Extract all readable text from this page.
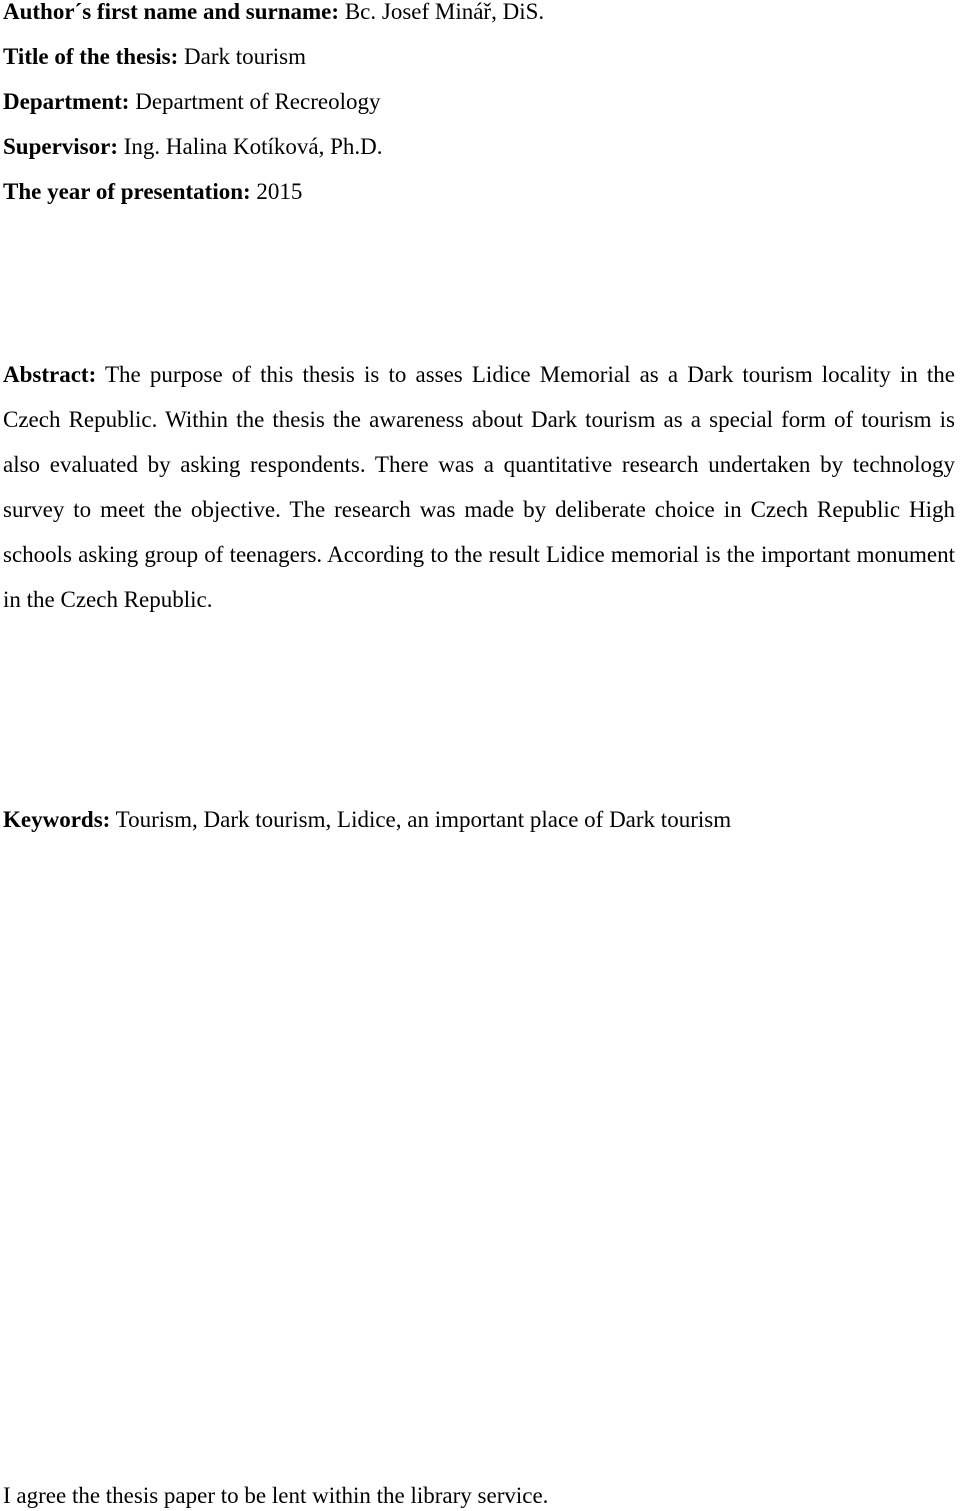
Author´s first name and surname: Bc. Josef Minář, DiS.
Title of the thesis: Dark tourism
Department: Department of Recreology
Supervisor: Ing. Halina Kotíková, Ph.D.
The year of presentation: 2015

Abstract: The purpose of this thesis is to asses Lidice Memorial as a Dark tourism locality in the Czech Republic. Within the thesis the awareness about Dark tourism as a special form of tourism is also evaluated by asking respondents. There was a quantitative research undertaken by technology survey to meet the objective. The research was made by deliberate choice in Czech Republic High schools asking group of teenagers. According to the result Lidice memorial is the important monument in the Czech Republic.

Keywords: Tourism, Dark tourism, Lidice, an important place of Dark tourism
I agree the thesis paper to be lent within the library service.
